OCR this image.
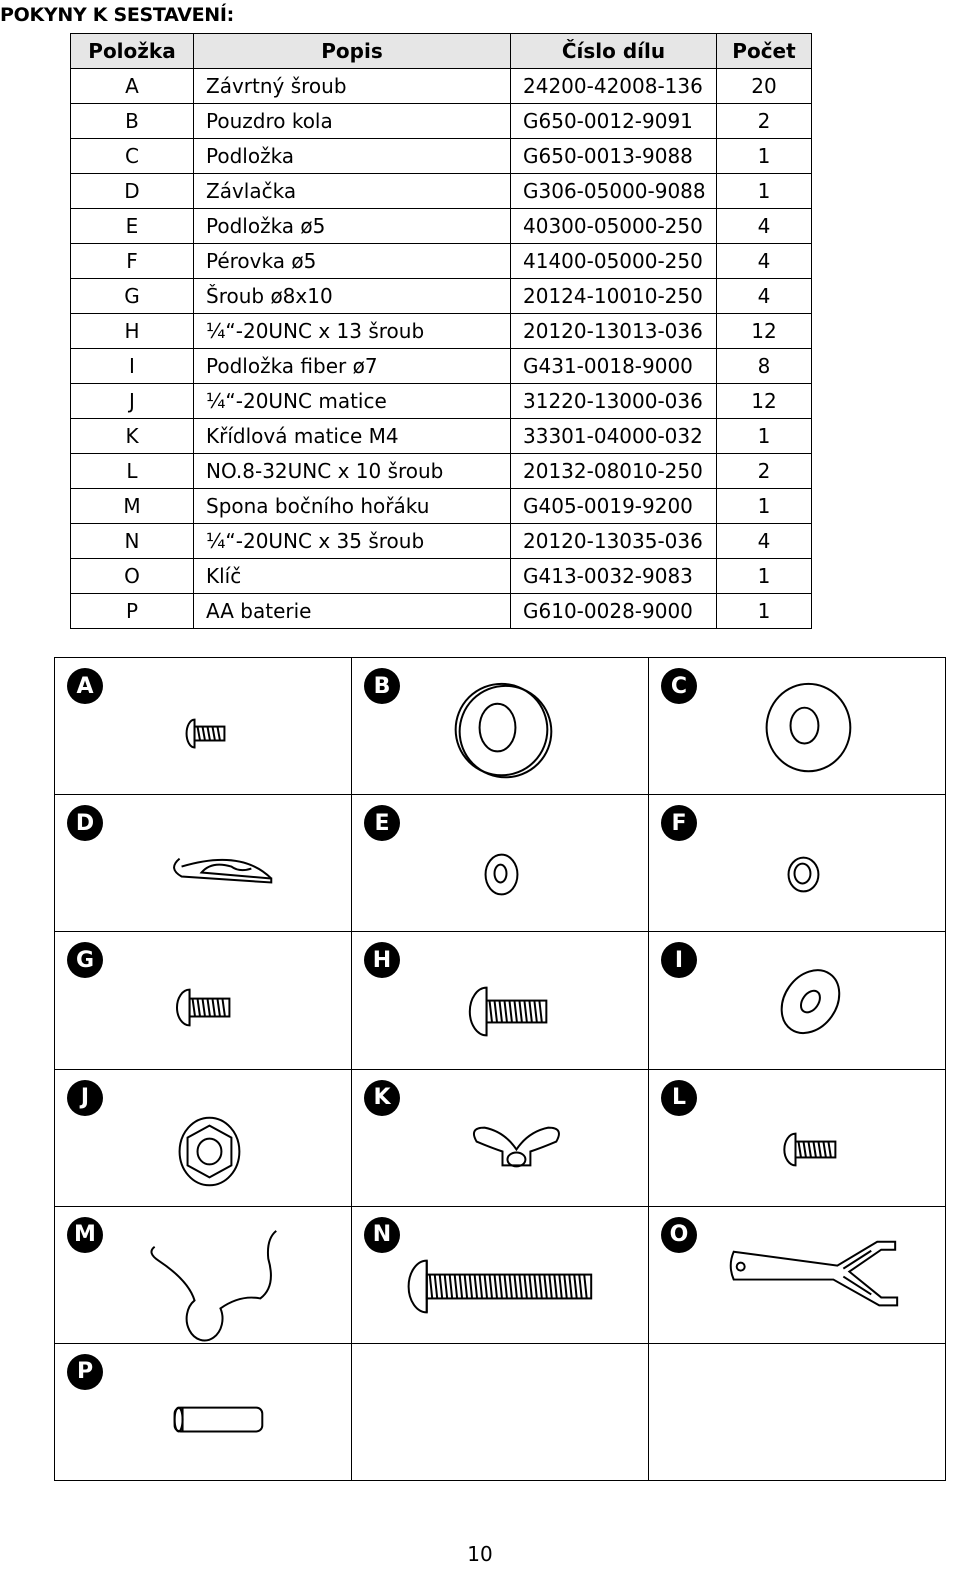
POKYNY K SESTAVENÍ:
Položka	Popis	Číslo dílu	Počet
A	Závrtný šroub	24200-42008-136	20
B	Pouzdro kola	G650-0012-9091	2
C	Podložka	G650-0013-9088	1
D	Závlačka	G306-05000-9088	1
E	Podložka ø5	40300-05000-250	4
F	Pérovka ø5	41400-05000-250	4
G	Šroub ø8x10	20124-10010-250	4
H	¼“-20UNC x 13 šroub	20120-13013-036	12
I	Podložka fiber ø7	G431-0018-9000	8
J	¼“-20UNC matice	31220-13000-036	12
K	Křídlová matice M4	33301-04000-032	1
L	NO.8-32UNC x 10 šroub	20132-08010-250	2
M	Spona bočního hořáku	G405-0019-9200	1
N	¼“-20UNC x 35 šroub	20120-13035-036	4
O	Klíč	G413-0032-9083	1
P	AA baterie	G610-0028-9000	1
A	B	C
D	E	F
G	H	I
J	K	L
M	N	O
P
10
